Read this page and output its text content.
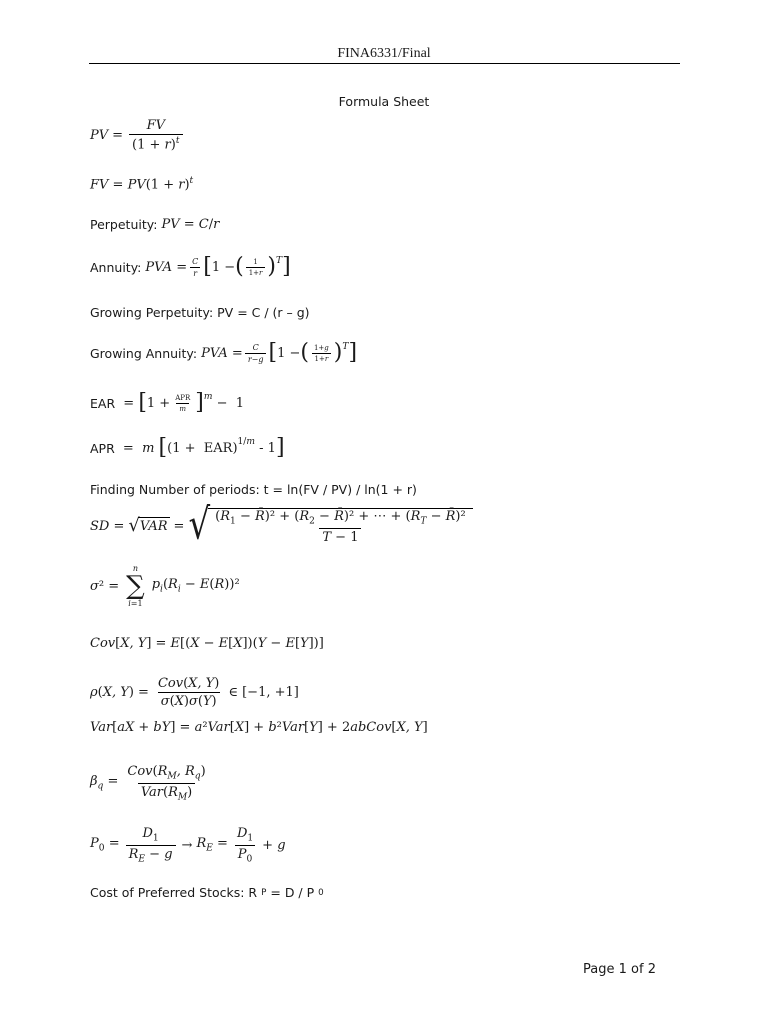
FINA6331/Final
Formula Sheet
PV = $\frac{FV}{(1 + r)^t}$
FV = $PV(1 + r)^t$
Perpetuity: PV = C/r
Annuity: PVA = $\frac{C}{r}$ [ 1 − ( $\frac{1}{1+r} )^T$ ]
Growing Perpetuity: PV = C / (r – g)
Growing Annuity: PVA = $\frac{C}{r-g}$ [ 1 − ( $\frac{1+g}{1+r} )^T$ ]
EAR = [ $1 + \frac{\text{APR}}{m} ]^m - 1$
APR = m [ (1 +  EAR) $^{1/m}$ - 1 ]
Finding Number of periods: t = ln(FV / PV) / ln(1 + r)
SD = √ VAR = √ $\frac{(R_1 - R̄)^2 + (R_2 - R̄)^2 + \cdots + (R_T - R̄)^2}{T - 1}$
σ² =
n
∑
i=1
$p_i(R_i - E(R))^2$
Cov[X, Y] = E[(X − E[X])(Y − E[Y])]
ρ(X, $Y) = \frac{\text{Cov(X, Y)}}{\sigma(X)\sigma(Y)}$ ∈ [−1, +1]
Var[aX + bY] = a²Var[X] + b²Var[Y] + 2abCov[X, Y]
$\beta_q = \frac{Cov(R_M, R_q)}{Var(R_M)}$
$P_0 = \frac{D_1}{R_E - g} \to R_E = \frac{D_1}{P_0} + g$
Cost of Preferred Stocks: R P = D / P 0
Page 1 of 2
